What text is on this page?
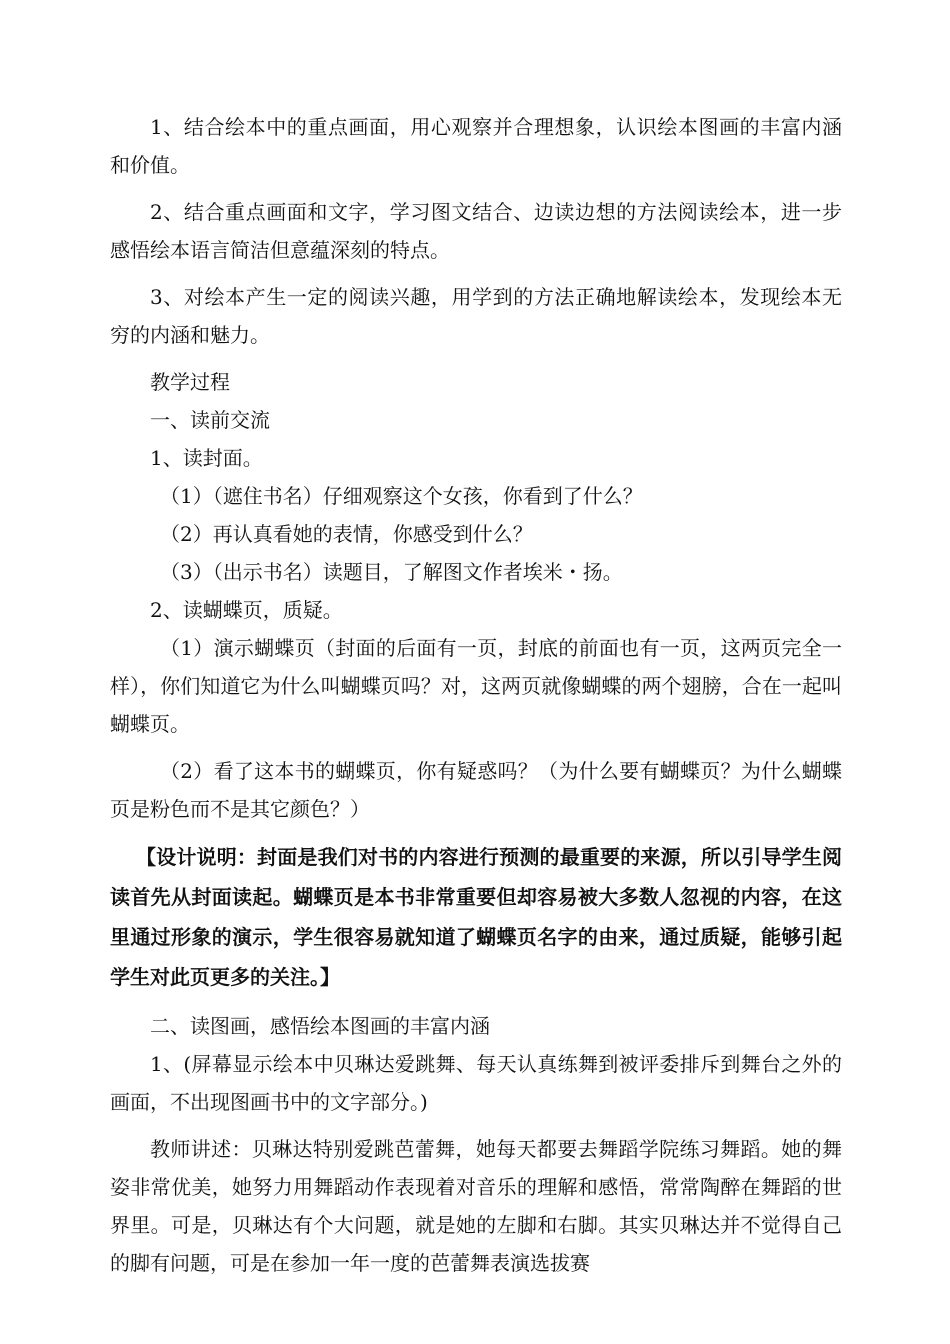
1、结合绘本中的重点画面，用心观察并合理想象，认识绘本图画的丰富内涵和价值。

2、结合重点画面和文字，学习图文结合、边读边想的方法阅读绘本，进一步感悟绘本语言简洁但意蕴深刻的特点。

3、对绘本产生一定的阅读兴趣，用学到的方法正确地解读绘本，发现绘本无穷的内涵和魅力。

教学过程

一、读前交流

1、读封面。

（1）（遮住书名）仔细观察这个女孩，你看到了什么？

（2）再认真看她的表情，你感受到什么？

（3）（出示书名）读题目，了解图文作者埃米・扬。

2、读蝴蝶页，质疑。

（1）演示蝴蝶页（封面的后面有一页，封底的前面也有一页，这两页完全一样），你们知道它为什么叫蝴蝶页吗？对，这两页就像蝴蝶的两个翅膀，合在一起叫蝴蝶页。

（2）看了这本书的蝴蝶页，你有疑惑吗？（为什么要有蝴蝶页？为什么蝴蝶页是粉色而不是其它颜色？）

【设计说明：封面是我们对书的内容进行预测的最重要的来源，所以引导学生阅读首先从封面读起。蝴蝶页是本书非常重要但却容易被大多数人忽视的内容，在这里通过形象的演示，学生很容易就知道了蝴蝶页名字的由来，通过质疑，能够引起学生对此页更多的关注。】

二、读图画，感悟绘本图画的丰富内涵

1、(屏幕显示绘本中贝琳达爱跳舞、每天认真练舞到被评委排斥到舞台之外的画面，不出现图画书中的文字部分。)

教师讲述：贝琳达特别爱跳芭蕾舞，她每天都要去舞蹈学院练习舞蹈。她的舞姿非常优美，她努力用舞蹈动作表现着对音乐的理解和感悟，常常陶醉在舞蹈的世界里。可是，贝琳达有个大问题，就是她的左脚和右脚。其实贝琳达并不觉得自己的脚有问题，可是在参加一年一度的芭蕾舞表演选拔赛
